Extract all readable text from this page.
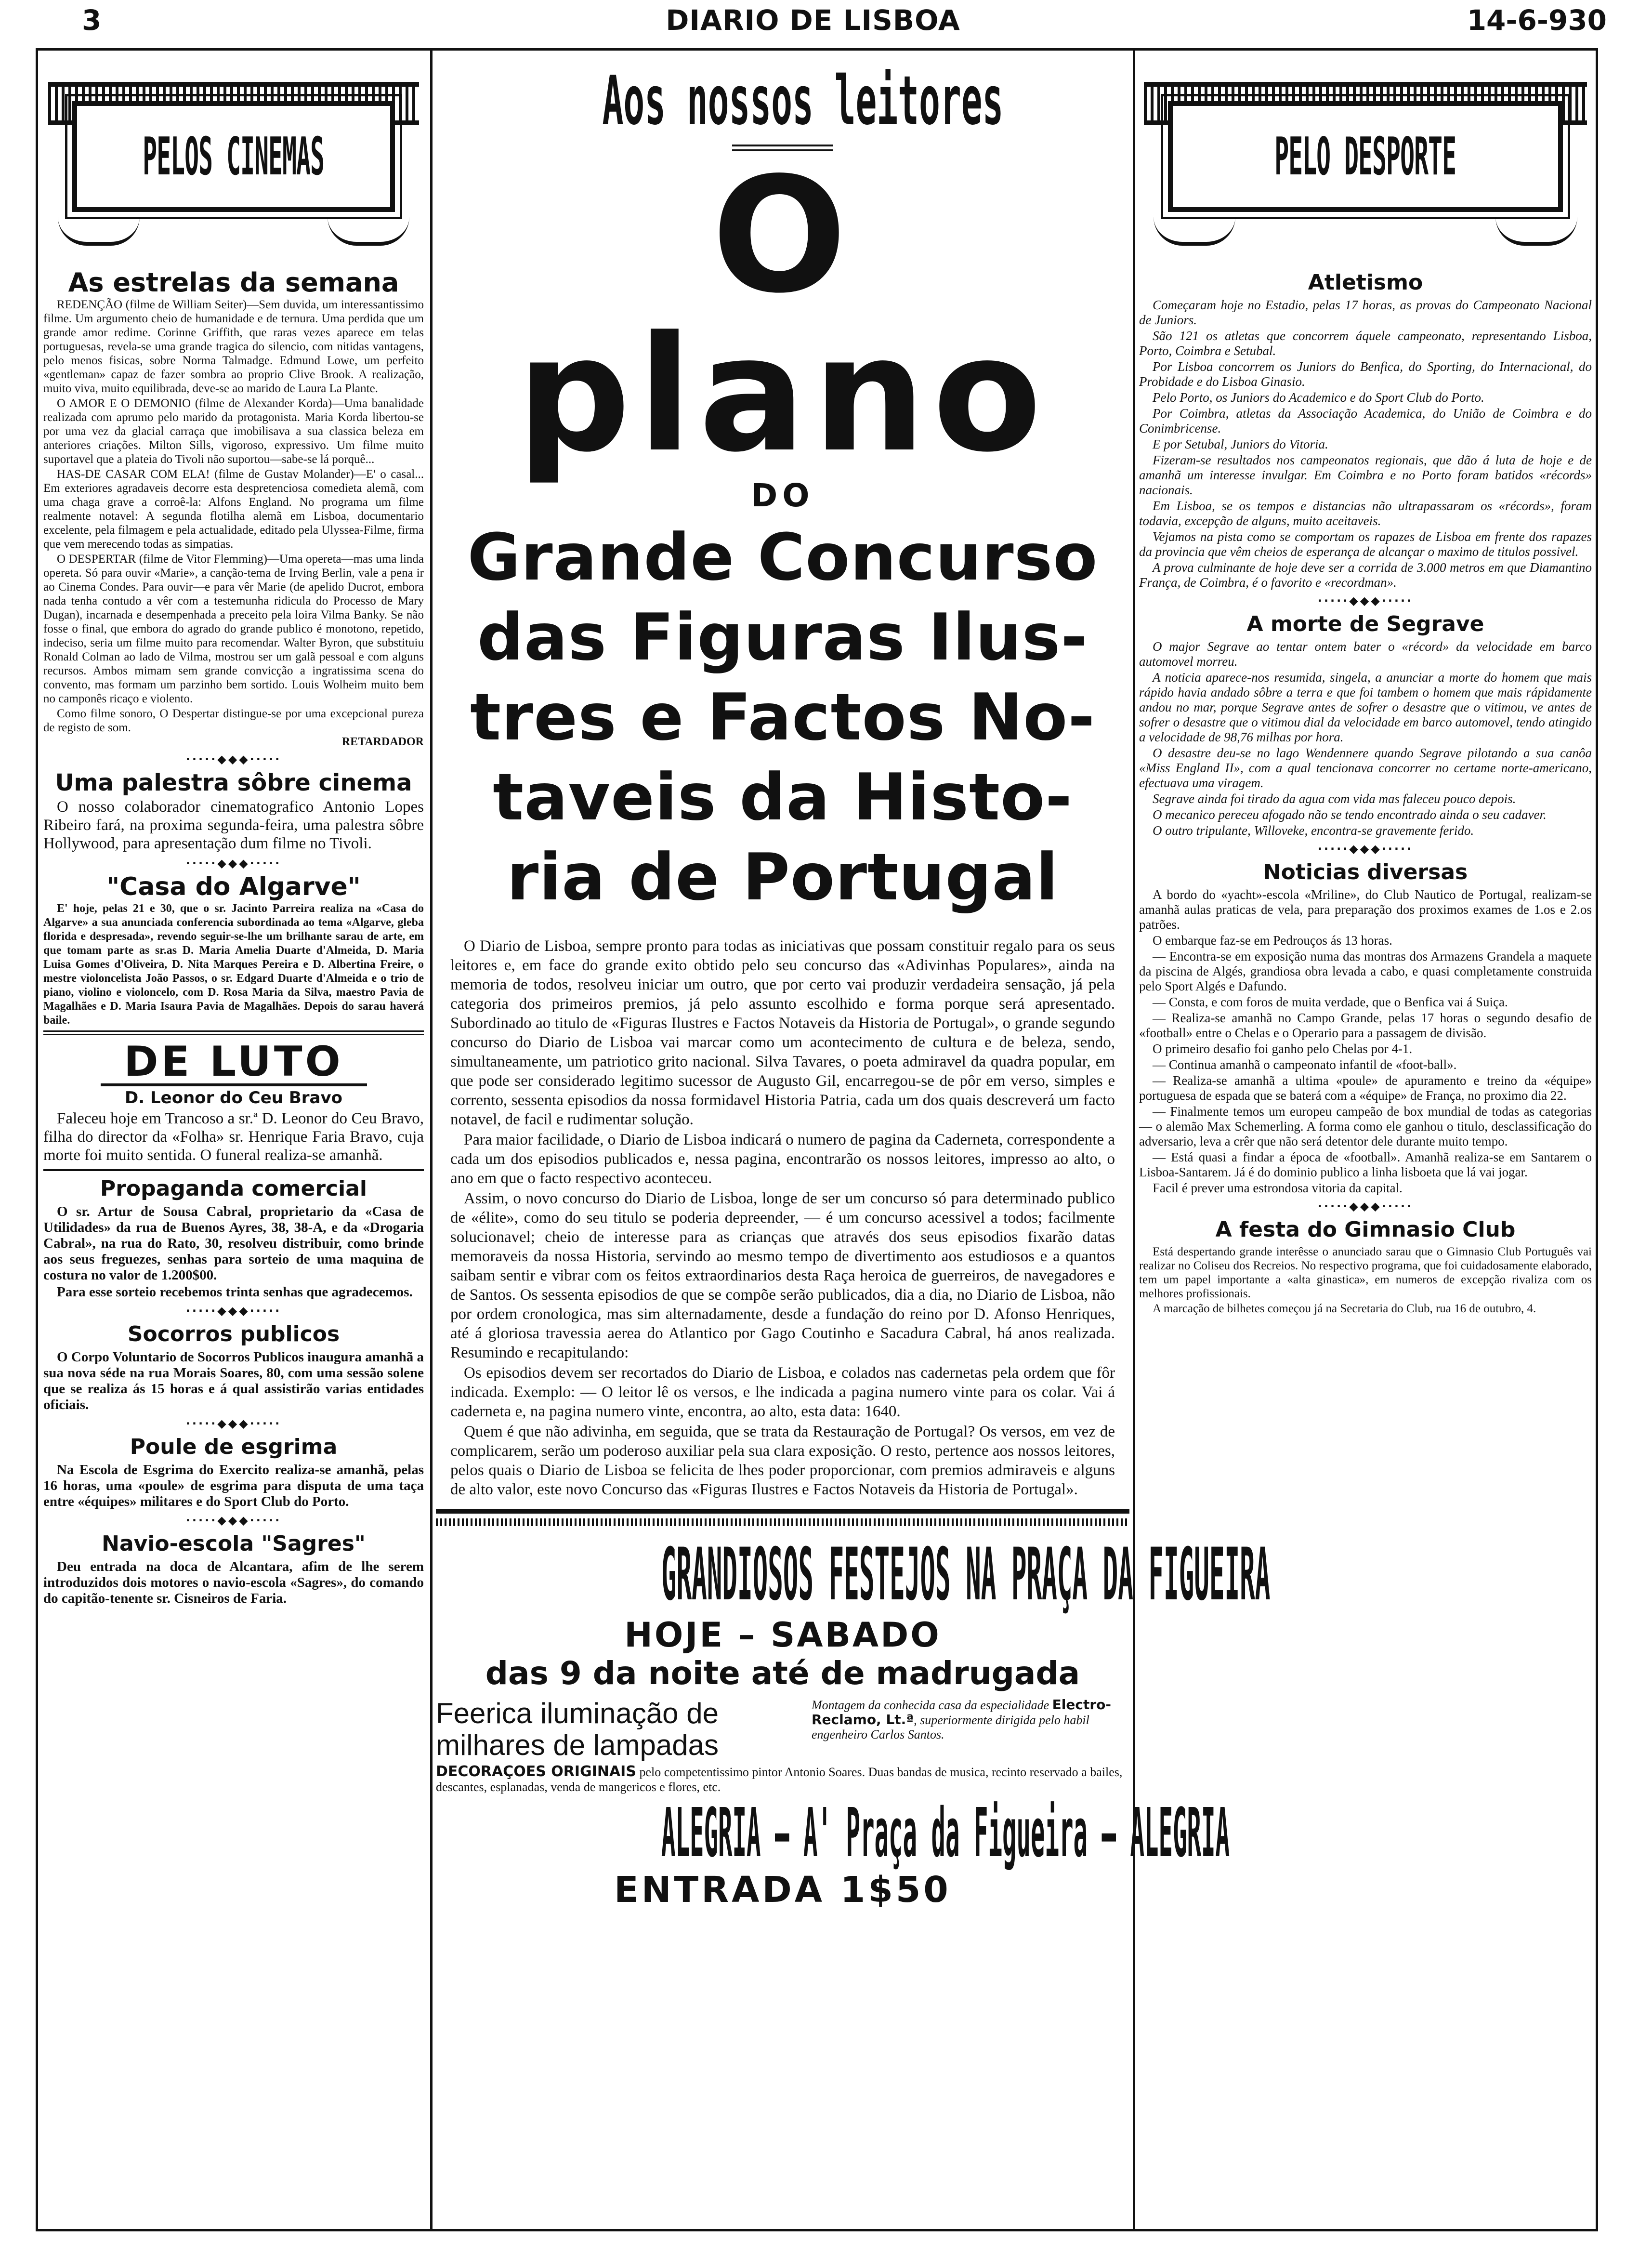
3	DIARIO DE LISBOA	14-6-930
PELOS CINEMAS
As estrelas da semana

REDENÇÃO (filme de William Seiter)—Sem duvida, um interessantissimo filme. Um argumento cheio de humanidade e de ternura. Uma perdida que um grande amor redime. Corinne Griffith, que raras vezes aparece em telas portuguesas, revela-se uma grande tragica do silencio, com nitidas vantagens, pelo menos fisicas, sobre Norma Talmadge. Edmund Lowe, um perfeito «gentleman» capaz de fazer sombra ao proprio Clive Brook. A realização, muito viva, muito equilibrada, deve-se ao marido de Laura La Plante.

O AMOR E O DEMONIO (filme de Alexander Korda)—Uma banalidade realizada com aprumo pelo marido da protagonista. Maria Korda libertou-se por uma vez da glacial carraça que imobilisava a sua classica beleza em anteriores criações. Milton Sills, vigoroso, expressivo. Um filme muito suportavel que a plateia do Tivoli não suportou—sabe-se lá porquê...

HAS-DE CASAR COM ELA! (filme de Gustav Molander)—E' o casal... Em exteriores agradaveis decorre esta despretenciosa comedieta alemã, com uma chaga grave a corroê-la: Alfons England. No programa um filme realmente notavel: A segunda flotilha alemã em Lisboa, documentario excelente, pela filmagem e pela actualidade, editado pela Ulyssea-Filme, firma que vem merecendo todas as simpatias.

O DESPERTAR (filme de Vitor Flemming)—Uma opereta—mas uma linda opereta. Só para ouvir «Marie», a canção-tema de Irving Berlin, vale a pena ir ao Cinema Condes. Para ouvir—e para vêr Marie (de apelido Ducrot, embora nada tenha contudo a vêr com a testemunha ridicula do Processo de Mary Dugan), incarnada e desempenhada a preceito pela loira Vilma Banky. Se não fosse o final, que embora do agrado do grande publico é monotono, repetido, indeciso, seria um filme muito para recomendar. Walter Byron, que substituiu Ronald Colman ao lado de Vilma, mostrou ser um galã pessoal e com alguns recursos. Ambos mimam sem grande convicção a ingratissima scena do convento, mas formam um parzinho bem sortido. Louis Wolheim muito bem no camponês ricaço e violento.

Como filme sonoro, O Despertar distingue-se por uma excepcional pureza de registo de som.

RETARDADOR
·····◆◆◆·····
Uma palestra sôbre cinema

O nosso colaborador cinematografico Antonio Lopes Ribeiro fará, na proxima segunda-feira, uma palestra sôbre Hollywood, para apresentação dum filme no Tivoli.

·····◆◆◆·····
"Casa do Algarve"

E' hoje, pelas 21 e 30, que o sr. Jacinto Parreira realiza na «Casa do Algarve» a sua anunciada conferencia subordinada ao tema «Algarve, gleba florida e despresada», revendo seguir-se-lhe um brilhante sarau de arte, em que tomam parte as sr.as D. Maria Amelia Duarte d'Almeida, D. Maria Luisa Gomes d'Oliveira, D. Nita Marques Pereira e D. Albertina Freire, o mestre violoncelista João Passos, o sr. Edgard Duarte d'Almeida e o trio de piano, violino e violoncelo, com D. Rosa Maria da Silva, maestro Pavia de Magalhães e D. Maria Isaura Pavia de Magalhães. Depois do sarau haverá baile.

DE LUTO
D. Leonor do Ceu Bravo

Faleceu hoje em Trancoso a sr.ª D. Leonor do Ceu Bravo, filha do director da «Folha» sr. Henrique Faria Bravo, cuja morte foi muito sentida. O funeral realiza-se amanhã.

Propaganda comercial

O sr. Artur de Sousa Cabral, proprietario da «Casa de Utilidades» da rua de Buenos Ayres, 38, 38-A, e da «Drogaria Cabral», na rua do Rato, 30, resolveu distribuir, como brinde aos seus freguezes, senhas para sorteio de uma maquina de costura no valor de 1.200$00.

Para esse sorteio recebemos trinta senhas que agradecemos.

·····◆◆◆·····
Socorros publicos

O Corpo Voluntario de Socorros Publicos inaugura amanhã a sua nova séde na rua Morais Soares, 80, com uma sessão solene que se realiza ás 15 horas e á qual assistirão varias entidades oficiais.

·····◆◆◆·····
Poule de esgrima

Na Escola de Esgrima do Exercito realiza-se amanhã, pelas 16 horas, uma «poule» de esgrima para disputa de uma taça entre «équipes» militares e do Sport Club do Porto.

·····◆◆◆·····
Navio-escola "Sagres"

Deu entrada na doca de Alcantara, afim de lhe serem introduzidos dois motores o navio-escola «Sagres», do comando do capitão-tenente sr. Cisneiros de Faria.

Aos nossos leitores
O plano
DO
Grande Concurso
das Figuras Ilus-
tres e Factos No-
taveis da Histo-
ria de Portugal

O Diario de Lisboa, sempre pronto para todas as iniciativas que possam constituir regalo para os seus leitores e, em face do grande exito obtido pelo seu concurso das «Adivinhas Populares», ainda na memoria de todos, resolveu iniciar um outro, que por certo vai produzir verdadeira sensação, já pela categoria dos primeiros premios, já pelo assunto escolhido e forma porque será apresentado. Subordinado ao titulo de «Figuras Ilustres e Factos Notaveis da Historia de Portugal», o grande segundo concurso do Diario de Lisboa vai marcar como um acontecimento de cultura e de beleza, sendo, simultaneamente, um patriotico grito nacional. Silva Tavares, o poeta admiravel da quadra popular, em que pode ser considerado legitimo sucessor de Augusto Gil, encarregou-se de pôr em verso, simples e corrento, sessenta episodios da nossa formidavel Historia Patria, cada um dos quais descreverá um facto notavel, de facil e rudimentar solução.

Para maior facilidade, o Diario de Lisboa indicará o numero de pagina da Caderneta, correspondente a cada um dos episodios publicados e, nessa pagina, encontrarão os nossos leitores, impresso ao alto, o ano em que o facto respectivo aconteceu.

Assim, o novo concurso do Diario de Lisboa, longe de ser um concurso só para determinado publico de «élite», como do seu titulo se poderia depreender, — é um concurso acessivel a todos; facilmente solucionavel; cheio de interesse para as crianças que através dos seus episodios fixarão datas memoraveis da nossa Historia, servindo ao mesmo tempo de divertimento aos estudiosos e a quantos saibam sentir e vibrar com os feitos extraordinarios desta Raça heroica de guerreiros, de navegadores e de Santos. Os sessenta episodios de que se compõe serão publicados, dia a dia, no Diario de Lisboa, não por ordem cronologica, mas sim alternadamente, desde a fundação do reino por D. Afonso Henriques, até á gloriosa travessia aerea do Atlantico por Gago Coutinho e Sacadura Cabral, há anos realizada. Resumindo e recapitulando:

Os episodios devem ser recortados do Diario de Lisboa, e colados nas cadernetas pela ordem que fôr indicada. Exemplo: — O leitor lê os versos, e lhe indicada a pagina numero vinte para os colar. Vai á caderneta e, na pagina numero vinte, encontra, ao alto, esta data: 1640.

Quem é que não adivinha, em seguida, que se trata da Restauração de Portugal? Os versos, em vez de complicarem, serão um poderoso auxiliar pela sua clara exposição. O resto, pertence aos nossos leitores, pelos quais o Diario de Lisboa se felicita de lhes poder proporcionar, com premios admiraveis e alguns de alto valor, este novo Concurso das «Figuras Ilustres e Factos Notaveis da Historia de Portugal».

GRANDIOSOS FESTEJOS NA PRAÇA DA FIGUEIRA
HOJE – SABADO
das 9 da noite até de madrugada
Feerica iluminação de milhares de lampadas
Montagem da conhecida casa da especialidade Electro-Reclamo, Lt.ª, superiormente dirigida pelo habil engenheiro Carlos Santos.
DECORAÇOES ORIGINAIS pelo competentissimo pintor Antonio Soares. Duas bandas de musica, recinto reservado a bailes, descantes, esplanadas, venda de mangericos e flores, etc.
ALEGRIA — A' Praça da Figueira — ALEGRIA
ENTRADA 1$50
PELO DESPORTE
Atletismo

Começaram hoje no Estadio, pelas 17 horas, as provas do Campeonato Nacional de Juniors.

São 121 os atletas que concorrem áquele campeonato, representando Lisboa, Porto, Coimbra e Setubal.

Por Lisboa concorrem os Juniors do Benfica, do Sporting, do Internacional, do Probidade e do Lisboa Ginasio.

Pelo Porto, os Juniors do Academico e do Sport Club do Porto.

Por Coimbra, atletas da Associação Academica, do União de Coimbra e do Conimbricense.

E por Setubal, Juniors do Vitoria.

Fizeram-se resultados nos campeonatos regionais, que dão á luta de hoje e de amanhã um interesse invulgar. Em Coimbra e no Porto foram batidos «récords» nacionais.

Em Lisboa, se os tempos e distancias não ultrapassaram os «récords», foram todavia, excepção de alguns, muito aceitaveis.

Vejamos na pista como se comportam os rapazes de Lisboa em frente dos rapazes da provincia que vêm cheios de esperança de alcançar o maximo de titulos possivel.

A prova culminante de hoje deve ser a corrida de 3.000 metros em que Diamantino França, de Coimbra, é o favorito e «recordman».

·····◆◆◆·····
A morte de Segrave

O major Segrave ao tentar ontem bater o «récord» da velocidade em barco automovel morreu.

A noticia aparece-nos resumida, singela, a anunciar a morte do homem que mais rápido havia andado sôbre a terra e que foi tambem o homem que mais rápidamente andou no mar, porque Segrave antes de sofrer o desastre que o vitimou, ve antes de sofrer o desastre que o vitimou dial da velocidade em barco automovel, tendo atingido a velocidade de 98,76 milhas por hora.

O desastre deu-se no lago Wendennere quando Segrave pilotando a sua canôa «Miss England II», com a qual tencionava concorrer no certame norte-americano, efectuava uma viragem.

Segrave ainda foi tirado da agua com vida mas faleceu pouco depois.

O mecanico pereceu afogado não se tendo encontrado ainda o seu cadaver.

O outro tripulante, Willoveke, encontra-se gravemente ferido.

·····◆◆◆·····
Noticias diversas

A bordo do «yacht»-escola «Mriline», do Club Nautico de Portugal, realizam-se amanhã aulas praticas de vela, para preparação dos proximos exames de 1.os e 2.os patrões.

O embarque faz-se em Pedrouços ás 13 horas.

— Encontra-se em exposição numa das montras dos Armazens Grandela a maquete da piscina de Algés, grandiosa obra levada a cabo, e quasi completamente construida pelo Sport Algés e Dafundo.

— Consta, e com foros de muita verdade, que o Benfica vai á Suiça.

— Realiza-se amanhã no Campo Grande, pelas 17 horas o segundo desafio de «football» entre o Chelas e o Operario para a passagem de divisão.

O primeiro desafio foi ganho pelo Chelas por 4-1.

— Continua amanhã o campeonato infantil de «foot-ball».

— Realiza-se amanhã a ultima «poule» de apuramento e treino da «équipe» portuguesa de espada que se baterá com a «équipe» de França, no proximo dia 22.

— Finalmente temos um europeu campeão de box mundial de todas as categorias — o alemão Max Schemerling. A forma como ele ganhou o titulo, desclassificação do adversario, leva a crêr que não será detentor dele durante muito tempo.

— Está quasi a findar a época de «football». Amanhã realiza-se em Santarem o Lisboa-Santarem. Já é do dominio publico a linha lisboeta que lá vai jogar.

Facil é prever uma estrondosa vitoria da capital.

·····◆◆◆·····
A festa do Gimnasio Club

Está despertando grande interêsse o anunciado sarau que o Gimnasio Club Português vai realizar no Coliseu dos Recreios. No respectivo programa, que foi cuidadosamente elaborado, tem um papel importante a «alta ginastica», em numeros de excepção rivaliza com os melhores profissionais.

A marcação de bilhetes começou já na Secretaria do Club, rua 16 de outubro, 4.
